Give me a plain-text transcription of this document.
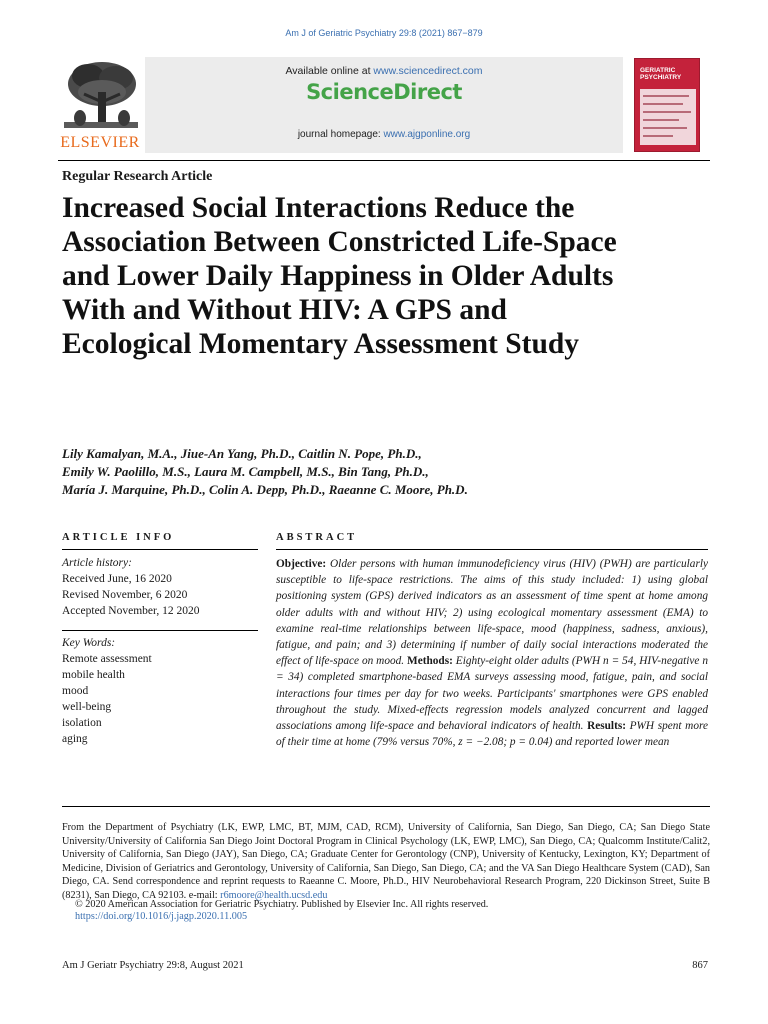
Am J of Geriatric Psychiatry 29:8 (2021) 867−879
Available online at www.sciencedirect.com
ScienceDirect
journal homepage: www.ajgponline.org
ELSEVIER
GERIATRIC PSYCHIATRY
Regular Research Article
Increased Social Interactions Reduce the Association Between Constricted Life-Space and Lower Daily Happiness in Older Adults With and Without HIV: A GPS and Ecological Momentary Assessment Study
Lily Kamalyan, M.A., Jiue-An Yang, Ph.D., Caitlin N. Pope, Ph.D.,
Emily W. Paolillo, M.S., Laura M. Campbell, M.S., Bin Tang, Ph.D.,
María J. Marquine, Ph.D., Colin A. Depp, Ph.D., Raeanne C. Moore, Ph.D.
ARTICLE INFO
Article history:
Received June, 16 2020
Revised November, 6 2020
Accepted November, 12 2020
Key Words:
Remote assessment
mobile health
mood
well-being
isolation
aging
ABSTRACT
Objective: Older persons with human immunodeficiency virus (HIV) (PWH) are particularly susceptible to life-space restrictions. The aims of this study included: 1) using global positioning system (GPS) derived indicators as an assessment of time spent at home among older adults with and without HIV; 2) using ecological momentary assessment (EMA) to examine real-time relationships between life-space, mood (happiness, sadness, anxious), fatigue, and pain; and 3) determining if number of daily social interactions moderated the effect of life-space on mood. Methods: Eighty-eight older adults (PWH n = 54, HIV-negative n = 34) completed smartphone-based EMA surveys assessing mood, fatigue, pain, and social interactions four times per day for two weeks. Participants' smartphones were GPS enabled throughout the study. Mixed-effects regression models analyzed concurrent and lagged associations among life-space and behavioral indicators of health. Results: PWH spent more of their time at home (79% versus 70%, z = −2.08; p = 0.04) and reported lower mean
From the Department of Psychiatry (LK, EWP, LMC, BT, MJM, CAD, RCM), University of California, San Diego, San Diego, CA; San Diego State University/University of California San Diego Joint Doctoral Program in Clinical Psychology (LK, EWP, LMC), San Diego, CA; Qualcomm Institute/Calit2, University of California, San Diego (JAY), San Diego, CA; Graduate Center for Gerontology (CNP), University of Kentucky, Lexington, KY; Department of Medicine, Division of Geriatrics and Gerontology, University of California, San Diego, San Diego, CA; and the VA San Diego Healthcare System (CAD), San Diego, CA. Send correspondence and reprint requests to Raeanne C. Moore, Ph.D., HIV Neurobehavioral Research Program, 220 Dickinson Street, Suite B (8231), San Diego, CA 92103. e-mail: r6moore@health.ucsd.edu
© 2020 American Association for Geriatric Psychiatry. Published by Elsevier Inc. All rights reserved.
https://doi.org/10.1016/j.jagp.2020.11.005
Am J Geriatr Psychiatry 29:8, August 2021	867
